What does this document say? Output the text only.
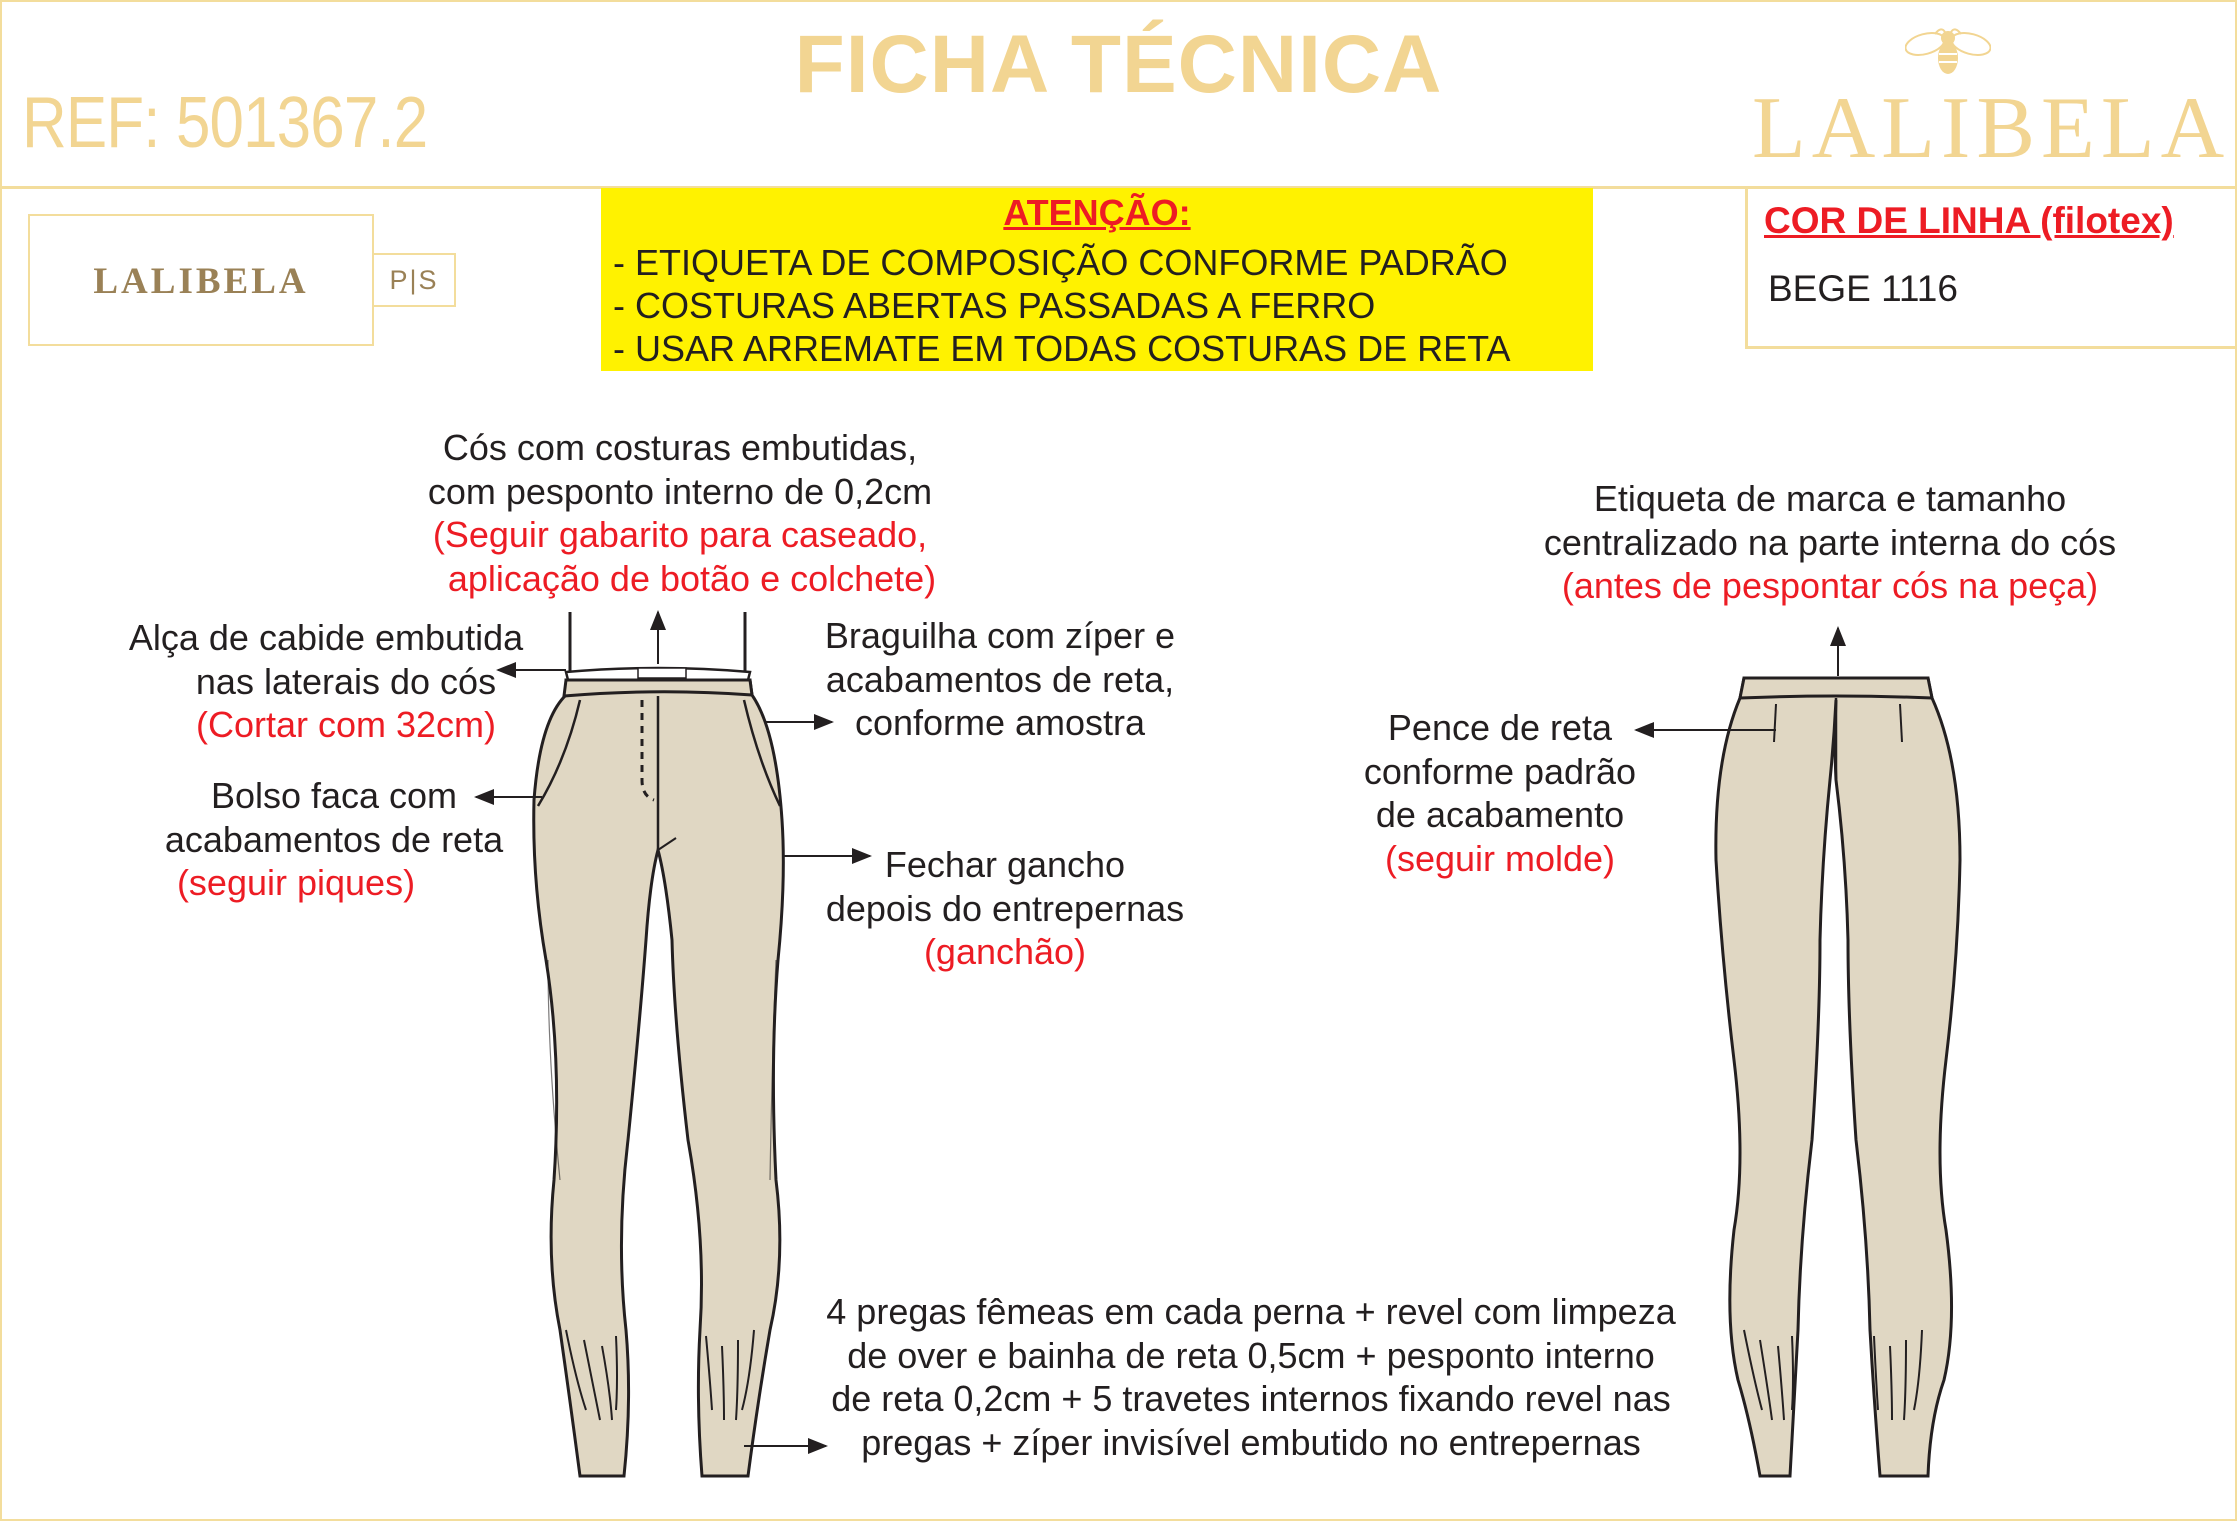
FICHA TÉCNICA
REF: 501367.2	LALIBELA
LALIBELA	P|S
ATENÇÃO:
- ETIQUETA DE COMPOSIÇÃO CONFORME PADRÃO
- COSTURAS ABERTAS PASSADAS A FERRO
- USAR ARREMATE EM TODAS COSTURAS DE RETA
COR DE LINHA (filotex)
BEGE 1116
Cós com costuras embutidas,
com pesponto interno de 0,2cm
(Seguir gabarito para caseado,
aplicação de botão e colchete)
Alça de cabide embutida
nas laterais do cós
(Cortar com 32cm)
Braguilha com zíper e
acabamentos de reta,
conforme amostra
Bolso faca com
acabamentos de reta
(seguir piques)	Fechar gancho
depois do entrepernas
(ganchão)
Etiqueta de marca e tamanho
centralizado na parte interna do cós
(antes de pespontar cós na peça)
Pence de reta
conforme padrão
de acabamento
(seguir molde)
4 pregas fêmeas em cada perna + revel com limpeza
de over e bainha de reta 0,5cm + pesponto interno
de reta 0,2cm + 5 travetes internos fixando revel nas
pregas + zíper invisível embutido no entrepernas
